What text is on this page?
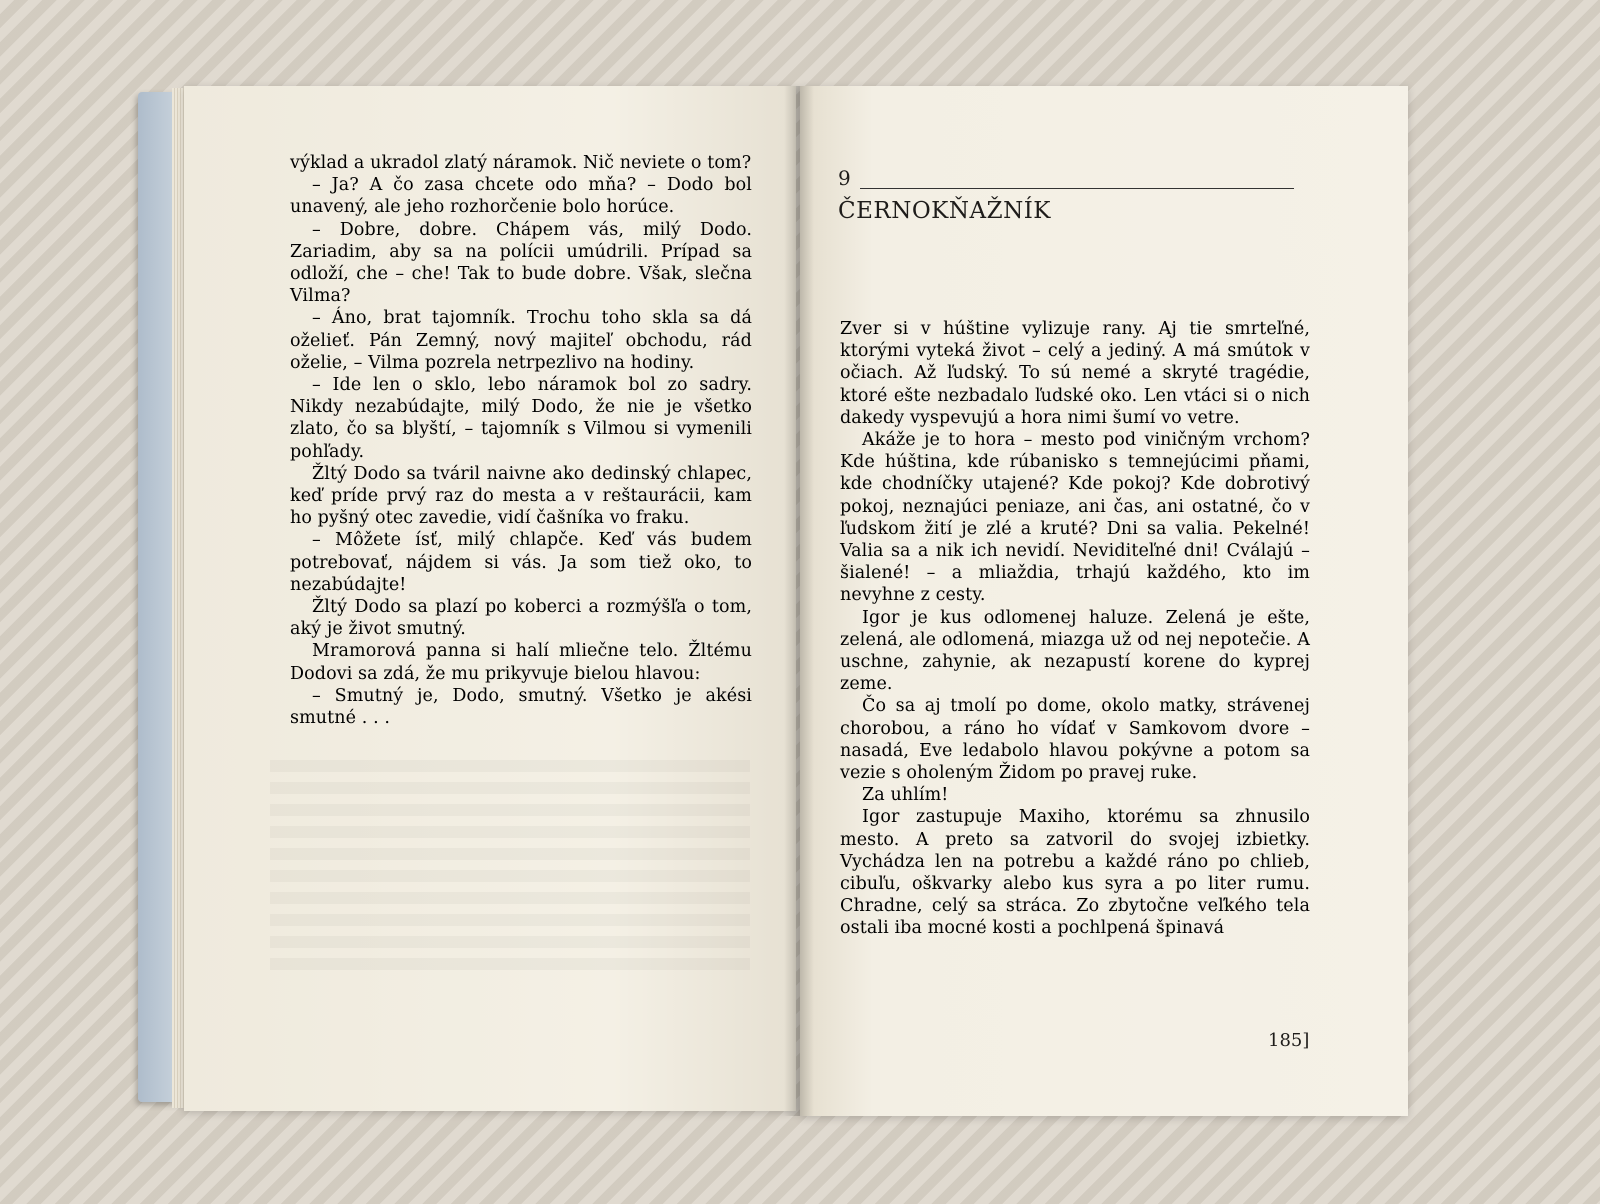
výklad a ukradol zlatý náramok. Nič neviete o tom?

– Ja? A čo zasa chcete odo mňa? – Dodo bol unavený, ale jeho rozhorčenie bolo horúce.

– Dobre, dobre. Chápem vás, milý Dodo. Zariadim, aby sa na polícii umúdrili. Prípad sa odloží, che – che! Tak to bude dobre. Však, slečna Vilma?

– Áno, brat tajomník. Trochu toho skla sa dá oželieť. Pán Zemný, nový majiteľ obchodu, rád oželie, – Vilma pozrela netrpezlivo na hodiny.

– Ide len o sklo, lebo náramok bol zo sadry. Nikdy nezabúdajte, milý Dodo, že nie je všetko zlato, čo sa blyští, – tajomník s Vilmou si vymenili pohľady.

Žltý Dodo sa tváril naivne ako dedinský chlapec, keď príde prvý raz do mesta a v reštaurácii, kam ho pyšný otec zavedie, vidí čašníka vo fraku.

– Môžete ísť, milý chlapče. Keď vás budem potrebovať, nájdem si vás. Ja som tiež oko, to nezabúdajte!

Žltý Dodo sa plazí po koberci a rozmýšľa o tom, aký je život smutný.

Mramorová panna si halí mliečne telo. Žltému Dodovi sa zdá, že mu prikyvuje bielou hlavou:

– Smutný je, Dodo, smutný. Všetko je akési smutné . . .

9
ČERNOKŇAŽNÍK

Zver si v húštine vylizuje rany. Aj tie smrteľné, ktorými vyteká život – celý a jediný. A má smútok v očiach. Až ľudský. To sú nemé a skryté tragédie, ktoré ešte nezbadalo ľudské oko. Len vtáci si o nich dakedy vyspevujú a hora nimi šumí vo vetre.

Akáže je to hora – mesto pod viničným vrchom? Kde húština, kde rúbanisko s temnejúcimi pňami, kde chodníčky utajené? Kde pokoj? Kde dobrotivý pokoj, neznajúci peniaze, ani čas, ani ostatné, čo v ľudskom žití je zlé a kruté? Dni sa valia. Pekelné! Valia sa a nik ich nevidí. Neviditeľné dni! Cválajú – šialené! – a mliaždia, trhajú každého, kto im nevyhne z cesty.

Igor je kus odlomenej haluze. Zelená je ešte, zelená, ale odlomená, miazga už od nej nepotečie. A uschne, zahynie, ak nezapustí korene do kyprej zeme.

Čo sa aj tmolí po dome, okolo matky, strávenej chorobou, a ráno ho vídať v Samkovom dvore – nasadá, Eve ledabolo hlavou pokývne a potom sa vezie s oholeným Židom po pravej ruke.

Za uhlím!

Igor zastupuje Maxiho, ktorému sa zhnusilo mesto. A preto sa zatvoril do svojej izbietky. Vychádza len na potrebu a každé ráno po chlieb, cibuľu, oškvarky alebo kus syra a po liter rumu. Chradne, celý sa stráca. Zo zbytočne veľkého tela ostali iba mocné kosti a pochlpená špinavá

185]
